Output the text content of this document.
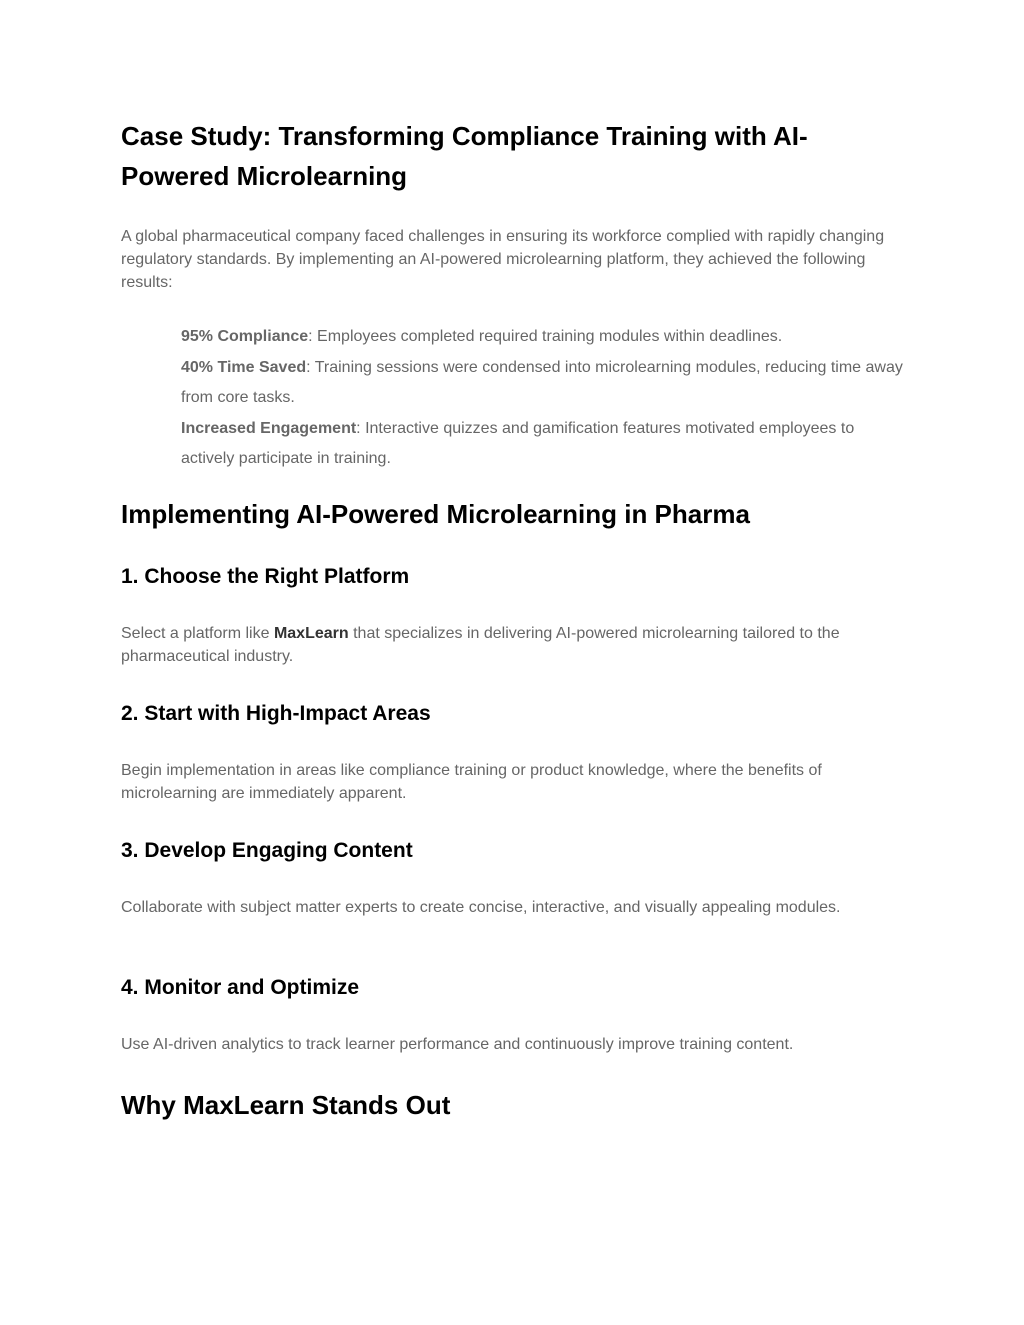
Case Study: Transforming Compliance Training with AI-Powered Microlearning

A global pharmaceutical company faced challenges in ensuring its workforce complied with rapidly changing regulatory standards. By implementing an AI-powered microlearning platform, they achieved the following results:

95% Compliance: Employees completed required training modules within deadlines.
40% Time Saved: Training sessions were condensed into microlearning modules, reducing time away from core tasks.
Increased Engagement: Interactive quizzes and gamification features motivated employees to actively participate in training.
Implementing AI-Powered Microlearning in Pharma
1. Choose the Right Platform

Select a platform like MaxLearn that specializes in delivering AI-powered microlearning tailored to the pharmaceutical industry.

2. Start with High-Impact Areas

Begin implementation in areas like compliance training or product knowledge, where the benefits of microlearning are immediately apparent.

3. Develop Engaging Content

Collaborate with subject matter experts to create concise, interactive, and visually appealing modules.

4. Monitor and Optimize

Use AI-driven analytics to track learner performance and continuously improve training content.

Why MaxLearn Stands Out
